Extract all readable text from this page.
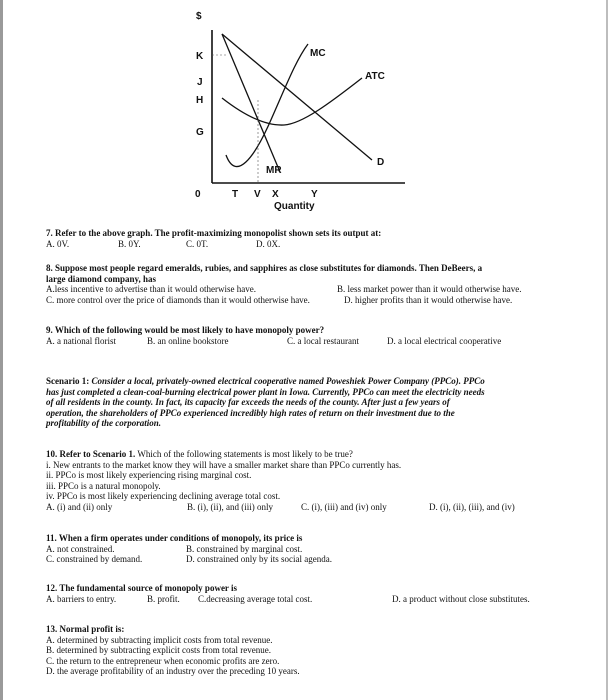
$
K
J
H
G
0	T V X	Y
Quantity
D
MR
MC
ATC
7. Refer to the above graph. The profit-maximizing monopolist shown sets its output at:
A. 0V.	B. 0Y.	C. 0T.	D. 0X.
8. Suppose most people regard emeralds, rubies, and sapphires as close substitutes for diamonds. Then DeBeers, a
large diamond company, has
A.less incentive to advertise than it would otherwise have.	B. less market power than it would otherwise have.
C. more control over the price of diamonds than it would otherwise have.	D. higher profits than it would otherwise have.
9. Which of the following would be most likely to have monopoly power?
A. a national florist	B. an online bookstore	C. a local restaurant	D. a local electrical cooperative
Scenario 1: Consider a local, privately-owned electrical cooperative named Poweshiek Power Company (PPCo). PPCo
has just completed a clean-coal-burning electrical power plant in Iowa. Currently, PPCo can meet the electricity needs
of all residents in the county. In fact, its capacity far exceeds the needs of the county. After just a few years of
operation, the shareholders of PPCo experienced incredibly high rates of return on their investment due to the
profitability of the corporation.
10. Refer to Scenario 1. Which of the following statements is most likely to be true?
i. New entrants to the market know they will have a smaller market share than PPCo currently has.
ii. PPCo is most likely experiencing rising marginal cost.
iii. PPCo is a natural monopoly.
iv. PPCo is most likely experiencing declining average total cost.
A. (i) and (ii) only	B. (i), (ii), and (iii) only	C. (i), (iii) and (iv) only	D. (i), (ii), (iii), and (iv)
11. When a firm operates under conditions of monopoly, its price is
A. not constrained.	B. constrained by marginal cost.
C. constrained by demand.	D. constrained only by its social agenda.
12. The fundamental source of monopoly power is
A. barriers to entry.	B. profit. C.decreasing average total cost.	D. a product without close substitutes.
13. Normal profit is:
A. determined by subtracting implicit costs from total revenue.
B. determined by subtracting explicit costs from total revenue.
C. the return to the entrepreneur when economic profits are zero.
D. the average profitability of an industry over the preceding 10 years.
